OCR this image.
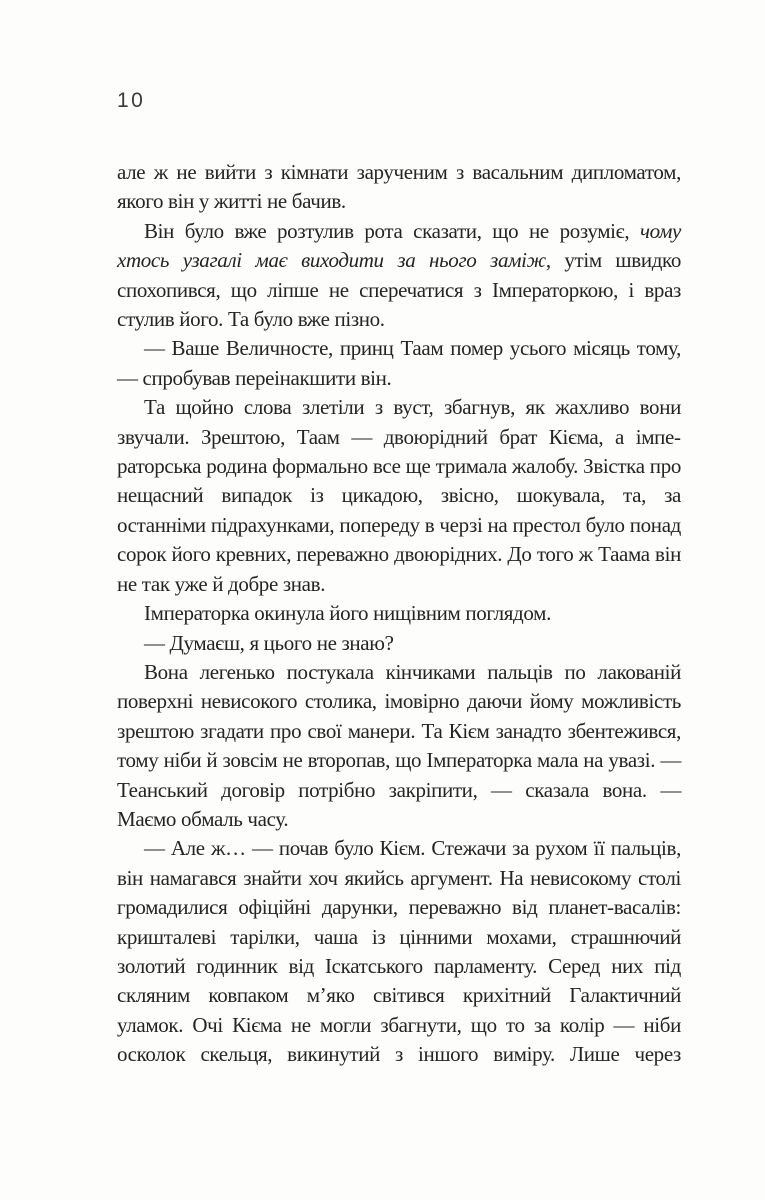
10

але ж не вийти з кімнати зарученим з васальним дипломатом, якого він у житті не бачив.

Він було вже розтулив рота сказати, що не розуміє, чому хтось узагалі має виходити за нього заміж, утім швидко спохопився, що ліпше не сперечатися з Імператоркою, і враз стулив його. Та було вже пізно.

— Ваше Величносте, принц Таам помер усього місяць тому, — спробував переінакшити він.

Та щойно слова злетіли з вуст, збагнув, як жахливо вони звучали. Зрештою, Таам — двоюрідний брат Кієма, а імператорська родина формально все ще тримала жалобу. Звістка про нещасний випадок із цикадою, звісно, шокувала, та, за останніми підрахунками, попереду в черзі на престол було понад сорок його кревних, переважно двоюрідних. До того ж Таама він не так уже й добре знав.

Імператорка окинула його нищівним поглядом.

— Думаєш, я цього не знаю?

Вона легенько постукала кінчиками пальців по лакованій поверхні невисокого столика, імовірно даючи йому можливість зрештою згадати про свої манери. Та Кієм занадто збентежився, тому ніби й зовсім не второпав, що Імператорка мала на увазі. — Теанський договір потрібно закріпити, — сказала вона. — Маємо обмаль часу.

— Але ж… — почав було Кієм. Стежачи за рухом її пальців, він намагався знайти хоч якийсь аргумент. На невисокому столі громадилися офіційні дарунки, переважно від планет-васалів: кришталеві тарілки, чаша із цінними мохами, страшнючий золотий годинник від Іскатського парламенту. Серед них під скляним ковпаком м’яко світився крихітний Галактичний уламок. Очі Кієма не могли збагнути, що то за колір — ніби осколок скельця, викинутий з іншого виміру. Лише через
